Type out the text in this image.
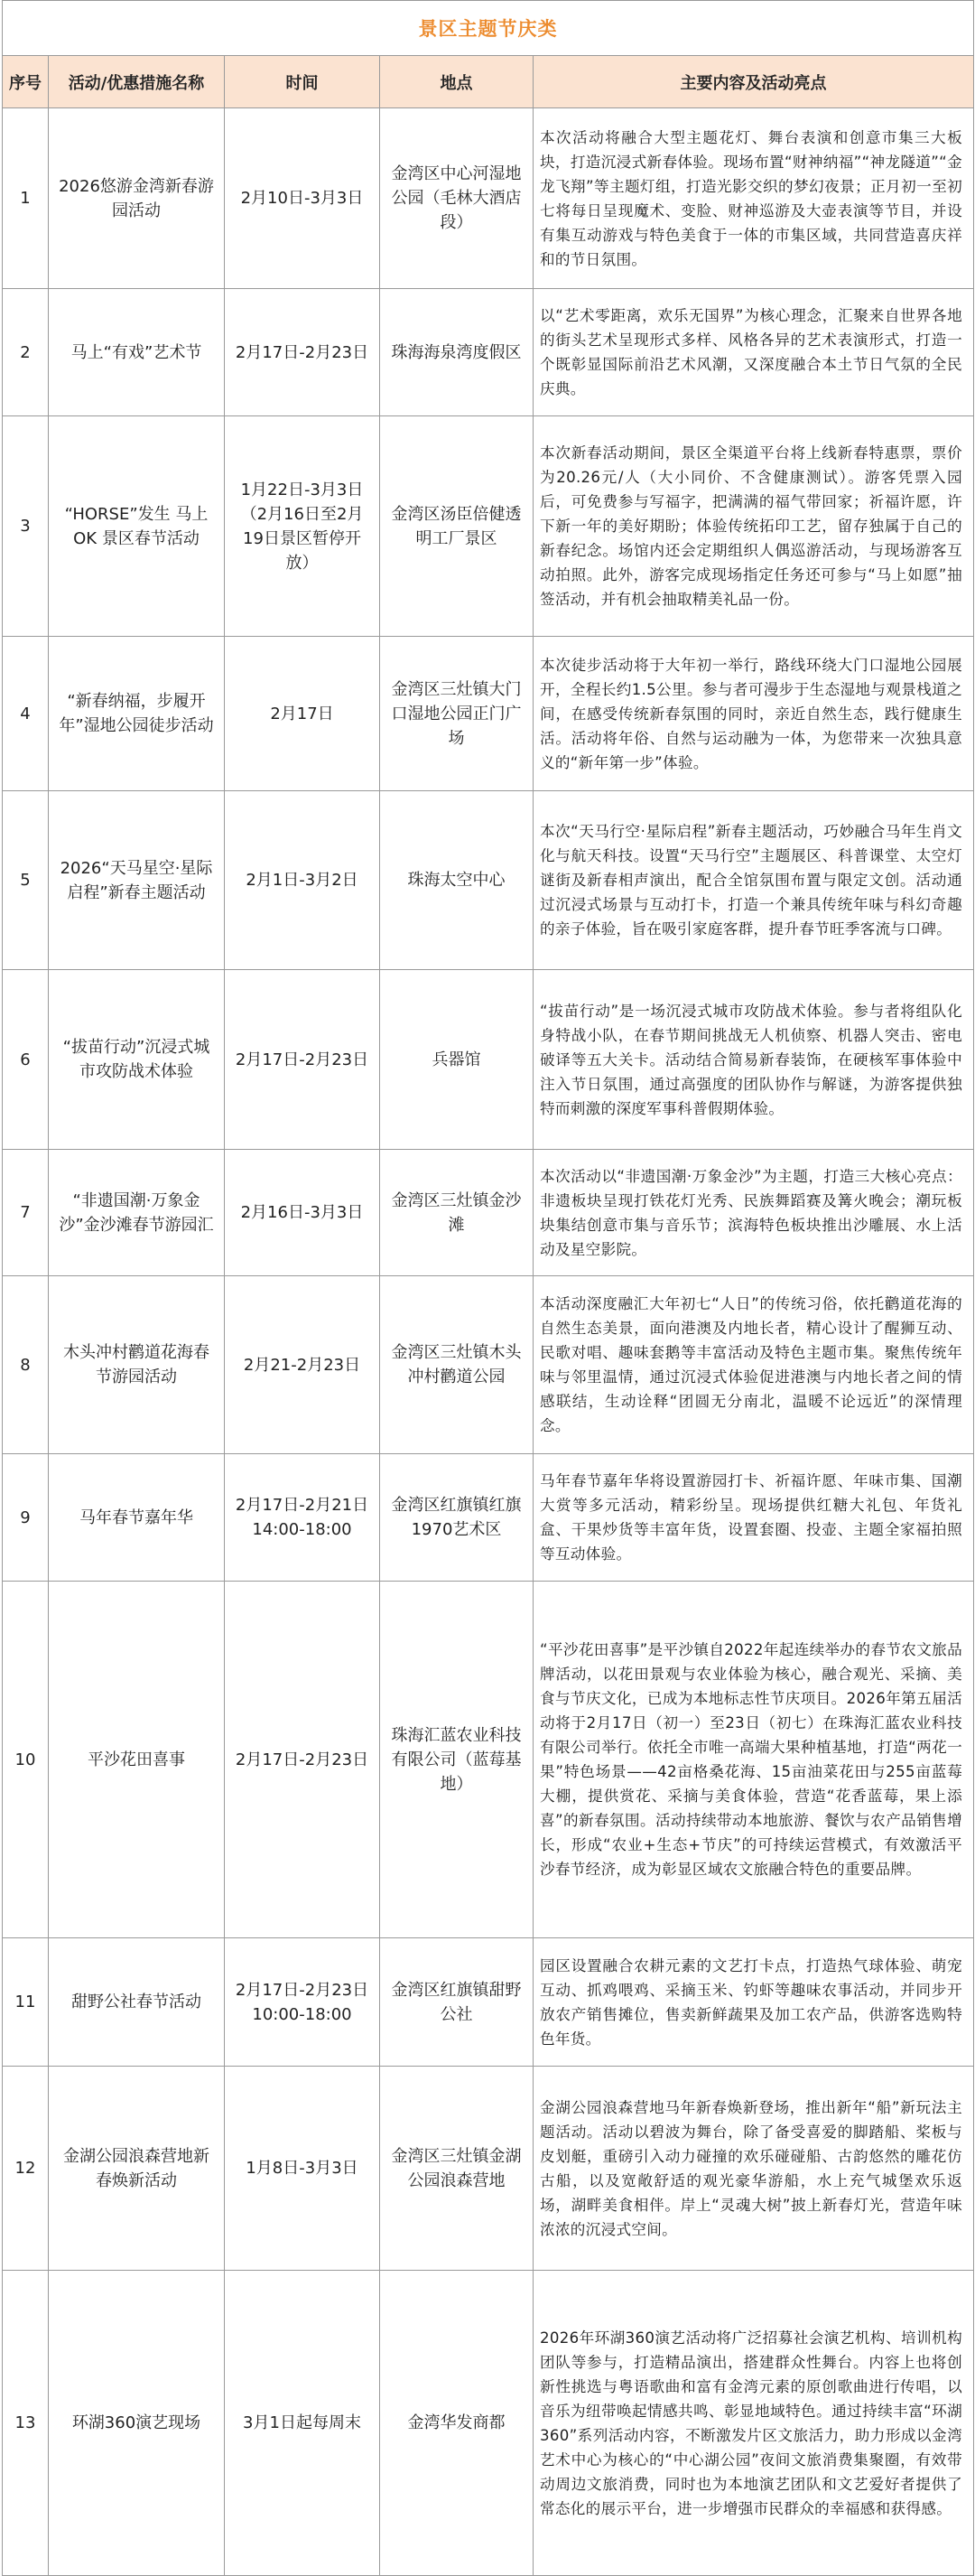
景区主题节庆类				
序号	活动/优惠措施名称	时间	地点	主要内容及活动亮点
1	2026悠游金湾新春游园活动	2月10日-3月3日	金湾区中心河湿地公园（毛林大酒店段）	本次活动将融合大型主题花灯、舞台表演和创意市集三大板块，打造沉浸式新春体验。现场布置“财神纳福”“神龙隧道”“金龙飞翔”等主题灯组，打造光影交织的梦幻夜景；正月初一至初七将每日呈现魔术、变脸、财神巡游及大壶表演等节目，并设有集互动游戏与特色美食于一体的市集区域，共同营造喜庆祥和的节日氛围。

2	马上“有戏”艺术节	2月17日-2月23日	珠海海泉湾度假区	以“艺术零距离，欢乐无国界”为核心理念，汇聚来自世界各地的街头艺术呈现形式多样、风格各异的艺术表演形式，打造一个既彰显国际前沿艺术风潮，又深度融合本土节日气氛的全民庆典。

3	“HORSE”发生 马上OK 景区春节活动	1月22日-3月3日（2月16日至2月19日景区暂停开放）	金湾区汤臣倍健透明工厂景区	本次新春活动期间，景区全渠道平台将上线新春特惠票，票价为20.26元/人（大小同价、不含健康测试）。游客凭票入园后，可免费参与写福字，把满满的福气带回家；祈福许愿，许下新一年的美好期盼；体验传统拓印工艺，留存独属于自己的新春纪念。场馆内还会定期组织人偶巡游活动，与现场游客互动拍照。此外，游客完成现场指定任务还可参与“马上如愿”抽签活动，并有机会抽取精美礼品一份。

4	“新春纳福，步履开年”湿地公园徒步活动	2月17日	金湾区三灶镇大门口湿地公园正门广场	本次徒步活动将于大年初一举行，路线环绕大门口湿地公园展开，全程长约1.5公里。参与者可漫步于生态湿地与观景栈道之间，在感受传统新春氛围的同时，亲近自然生态，践行健康生活。活动将年俗、自然与运动融为一体，为您带来一次独具意义的“新年第一步”体验。

5	2026“天马星空·星际启程”新春主题活动	2月1日-3月2日	珠海太空中心	本次“天马行空·星际启程”新春主题活动，巧妙融合马年生肖文化与航天科技。设置“天马行空”主题展区、科普课堂、太空灯谜街及新春相声演出，配合全馆氛围布置与限定文创。活动通过沉浸式场景与互动打卡，打造一个兼具传统年味与科幻奇趣的亲子体验，旨在吸引家庭客群，提升春节旺季客流与口碑。

6	“拔苗行动”沉浸式城市攻防战术体验	2月17日-2月23日	兵器馆	“拔苗行动”是一场沉浸式城市攻防战术体验。参与者将组队化身特战小队，在春节期间挑战无人机侦察、机器人突击、密电破译等五大关卡。活动结合简易新春装饰，在硬核军事体验中注入节日氛围，通过高强度的团队协作与解谜，为游客提供独特而刺激的深度军事科普假期体验。

7	“非遗国潮·万象金沙”金沙滩春节游园汇	2月16日-3月3日	金湾区三灶镇金沙滩	本次活动以“非遗国潮·万象金沙”为主题，打造三大核心亮点：非遗板块呈现打铁花灯光秀、民族舞蹈赛及篝火晚会；潮玩板块集结创意市集与音乐节；滨海特色板块推出沙雕展、水上活动及星空影院。

8	木头冲村鹳道花海春节游园活动	2月21-2月23日	金湾区三灶镇木头冲村鹳道公园	本活动深度融汇大年初七“人日”的传统习俗，依托鹳道花海的自然生态美景，面向港澳及内地长者，精心设计了醒狮互动、民歌对唱、趣味套鹅等丰富活动及特色主题市集。聚焦传统年味与邻里温情，通过沉浸式体验促进港澳与内地长者之间的情感联结，生动诠释“团圆无分南北，温暖不论远近”的深情理念。

9	马年春节嘉年华	2月17日-2月21日 14:00-18:00	金湾区红旗镇红旗1970艺术区	马年春节嘉年华将设置游园打卡、祈福许愿、年味市集、国潮大赏等多元活动，精彩纷呈。现场提供红糖大礼包、年货礼盒、干果炒货等丰富年货，设置套圈、投壶、主题全家福拍照等互动体验。

10	平沙花田喜事	2月17日-2月23日	珠海汇蓝农业科技有限公司（蓝莓基地）	“平沙花田喜事”是平沙镇自2022年起连续举办的春节农文旅品牌活动，以花田景观与农业体验为核心，融合观光、采摘、美食与节庆文化，已成为本地标志性节庆项目。2026年第五届活动将于2月17日（初一）至23日（初七）在珠海汇蓝农业科技有限公司举行。依托全市唯一高端大果种植基地，打造“两花一果”特色场景——42亩格桑花海、15亩油菜花田与255亩蓝莓大棚，提供赏花、采摘与美食体验，营造“花香蓝莓，果上添喜”的新春氛围。活动持续带动本地旅游、餐饮与农产品销售增长，形成“农业+生态+节庆”的可持续运营模式，有效激活平沙春节经济，成为彰显区域农文旅融合特色的重要品牌。

11	甜野公社春节活动	2月17日-2月23日 10:00-18:00	金湾区红旗镇甜野公社	园区设置融合农耕元素的文艺打卡点，打造热气球体验、萌宠互动、抓鸡喂鸡、采摘玉米、钓虾等趣味农事活动，并同步开放农产销售摊位，售卖新鲜蔬果及加工农产品，供游客选购特色年货。

12	金湖公园浪森营地新春焕新活动	1月8日-3月3日	金湾区三灶镇金湖公园浪森营地	金湖公园浪森营地马年新春焕新登场，推出新年“船”新玩法主题活动。活动以碧波为舞台，除了备受喜爱的脚踏船、桨板与皮划艇，重磅引入动力碰撞的欢乐碰碰船、古韵悠然的雕花仿古船，以及宽敞舒适的观光豪华游船，水上充气城堡欢乐返场，湖畔美食相伴。岸上“灵魂大树”披上新春灯光，营造年味浓浓的沉浸式空间。

13	环湖360演艺现场	3月1日起每周末	金湾华发商都	2026年环湖360演艺活动将广泛招募社会演艺机构、培训机构团队等参与，打造精品演出，搭建群众性舞台。内容上也将创新性挑选与粤语歌曲和富有金湾元素的原创歌曲进行传唱，以音乐为纽带唤起情感共鸣、彰显地域特色。通过持续丰富“环湖360”系列活动内容，不断激发片区文旅活力，助力形成以金湾艺术中心为核心的“中心湖公园”夜间文旅消费集聚圈，有效带动周边文旅消费，同时也为本地演艺团队和文艺爱好者提供了常态化的展示平台，进一步增强市民群众的幸福感和获得感。
